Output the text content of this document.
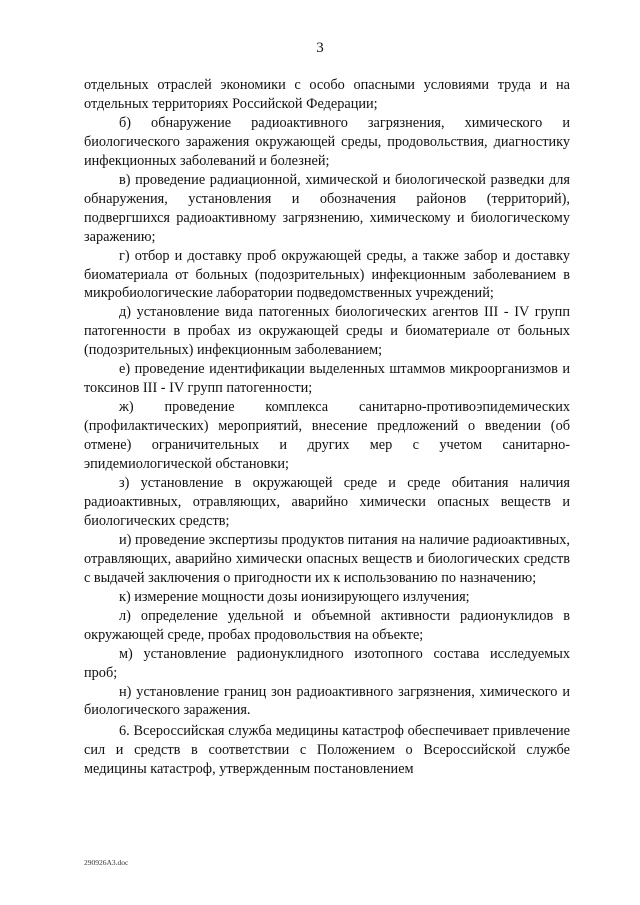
3

отдельных отраслей экономики с особо опасными условиями труда и на отдельных территориях Российской Федерации;

б) обнаружение радиоактивного загрязнения, химического и биологического заражения окружающей среды, продовольствия, диагностику инфекционных заболеваний и болезней;

в) проведение радиационной, химической и биологической разведки для обнаружения, установления и обозначения районов (территорий), подвергшихся радиоактивному загрязнению, химическому и биологическому заражению;

г) отбор и доставку проб окружающей среды, а также забор и доставку биоматериала от больных (подозрительных) инфекционным заболеванием в микробиологические лаборатории подведомственных учреждений;

д) установление вида патогенных биологических агентов III - IV групп патогенности в пробах из окружающей среды и биоматериале от больных (подозрительных) инфекционным заболеванием;

е) проведение идентификации выделенных штаммов микроорганизмов и токсинов III - IV групп патогенности;

ж) проведение комплекса санитарно-противоэпидемических (профилактических) мероприятий, внесение предложений о введении (об отмене) ограничительных и других мер с учетом санитарно-эпидемиологической обстановки;

з) установление в окружающей среде и среде обитания наличия радиоактивных, отравляющих, аварийно химически опасных веществ и биологических средств;

и) проведение экспертизы продуктов питания на наличие радиоактивных, отравляющих, аварийно химически опасных веществ и биологических средств с выдачей заключения о пригодности их к использованию по назначению;

к) измерение мощности дозы ионизирующего излучения;

л) определение удельной и объемной активности радионуклидов в окружающей среде, пробах продовольствия на объекте;

м) установление радионуклидного изотопного состава исследуемых проб;

н) установление границ зон радиоактивного загрязнения, химического и биологического заражения.

6. Всероссийская служба медицины катастроф обеспечивает привлечение сил и средств в соответствии с Положением о Всероссийской службе медицины катастроф, утвержденным постановлением

290926A3.doc
